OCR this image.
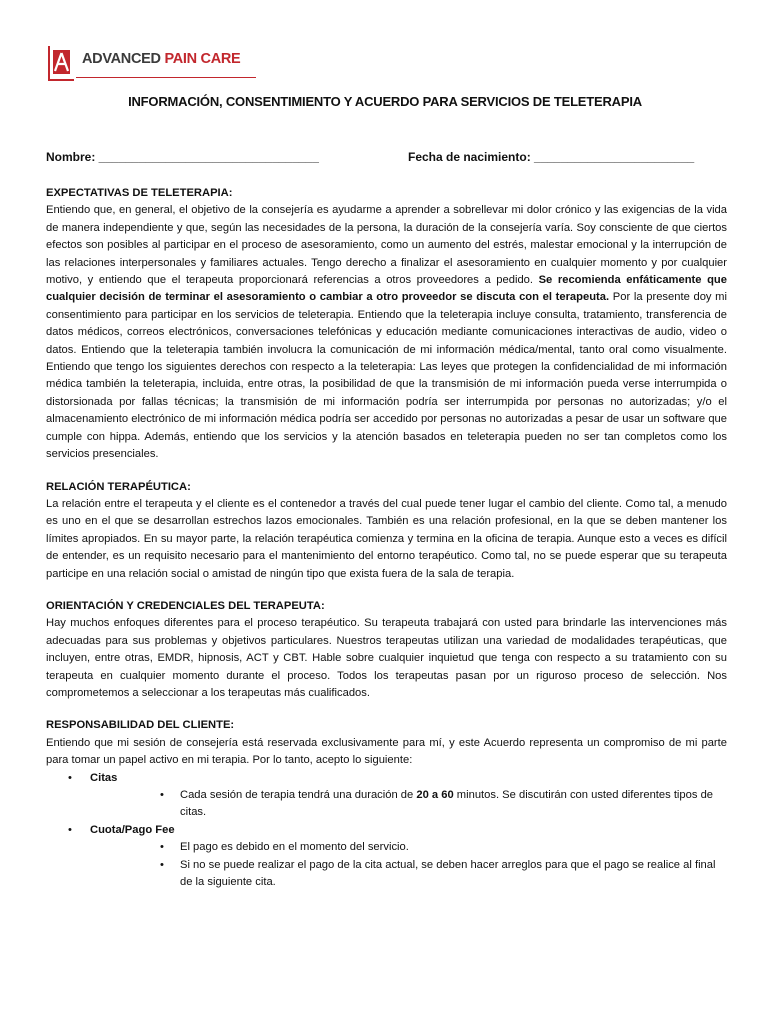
ADVANCED PAIN CARE
INFORMACIÓN, CONSENTIMIENTO Y ACUERDO PARA SERVICIOS DE TELETERAPIA
Nombre: _________________________________	Fecha de nacimiento: ________________________

EXPECTATIVAS DE TELETERAPIA:

Entiendo que, en general, el objetivo de la consejería es ayudarme a aprender a sobrellevar mi dolor crónico y las exigencias de la vida de manera independiente y que, según las necesidades de la persona, la duración de la consejería varía. Soy consciente de que ciertos efectos son posibles al participar en el proceso de asesoramiento, como un aumento del estrés, malestar emocional y la interrupción de las relaciones interpersonales y familiares actuales. Tengo derecho a finalizar el asesoramiento en cualquier momento y por cualquier motivo, y entiendo que el terapeuta proporcionará referencias a otros proveedores a pedido. Se recomienda enfáticamente que cualquier decisión de terminar el asesoramiento o cambiar a otro proveedor se discuta con el terapeuta. Por la presente doy mi consentimiento para participar en los servicios de teleterapia. Entiendo que la teleterapia incluye consulta, tratamiento, transferencia de datos médicos, correos electrónicos, conversaciones telefónicas y educación mediante comunicaciones interactivas de audio, video o datos. Entiendo que la teleterapia también involucra la comunicación de mi información médica/mental, tanto oral como visualmente. Entiendo que tengo los siguientes derechos con respecto a la teleterapia: Las leyes que protegen la confidencialidad de mi información médica también la teleterapia, incluida, entre otras, la posibilidad de que la transmisión de mi información pueda verse interrumpida o distorsionada por fallas técnicas; la transmisión de mi información podría ser interrumpida por personas no autorizadas; y/o el almacenamiento electrónico de mi información médica podría ser accedido por personas no autorizadas a pesar de usar un software que cumple con hippa. Además, entiendo que los servicios y la atención basados en teleterapia pueden no ser tan completos como los servicios presenciales.

RELACIÓN TERAPÉUTICA:

La relación entre el terapeuta y el cliente es el contenedor a través del cual puede tener lugar el cambio del cliente. Como tal, a menudo es uno en el que se desarrollan estrechos lazos emocionales. También es una relación profesional, en la que se deben mantener los límites apropiados. En su mayor parte, la relación terapéutica comienza y termina en la oficina de terapia. Aunque esto a veces es difícil de entender, es un requisito necesario para el mantenimiento del entorno terapéutico. Como tal, no se puede esperar que su terapeuta participe en una relación social o amistad de ningún tipo que exista fuera de la sala de terapia.

ORIENTACIÓN Y CREDENCIALES DEL TERAPEUTA:

Hay muchos enfoques diferentes para el proceso terapéutico. Su terapeuta trabajará con usted para brindarle las intervenciones más adecuadas para sus problemas y objetivos particulares. Nuestros terapeutas utilizan una variedad de modalidades terapéuticas, que incluyen, entre otras, EMDR, hipnosis, ACT y CBT. Hable sobre cualquier inquietud que tenga con respecto a su tratamiento con su terapeuta en cualquier momento durante el proceso. Todos los terapeutas pasan por un riguroso proceso de selección. Nos comprometemos a seleccionar a los terapeutas más cualificados.

RESPONSABILIDAD DEL CLIENTE:

Entiendo que mi sesión de consejería está reservada exclusivamente para mí, y este Acuerdo representa un compromiso de mi parte para tomar un papel activo en mi terapia. Por lo tanto, acepto lo siguiente:

• Citas
• Cada sesión de terapia tendrá una duración de 20 a 60 minutos. Se discutirán con usted diferentes tipos de citas.
• Cuota/Pago Fee
• El pago es debido en el momento del servicio.
• Si no se puede realizar el pago de la cita actual, se deben hacer arreglos para que el pago se realice al final de la siguiente cita.
